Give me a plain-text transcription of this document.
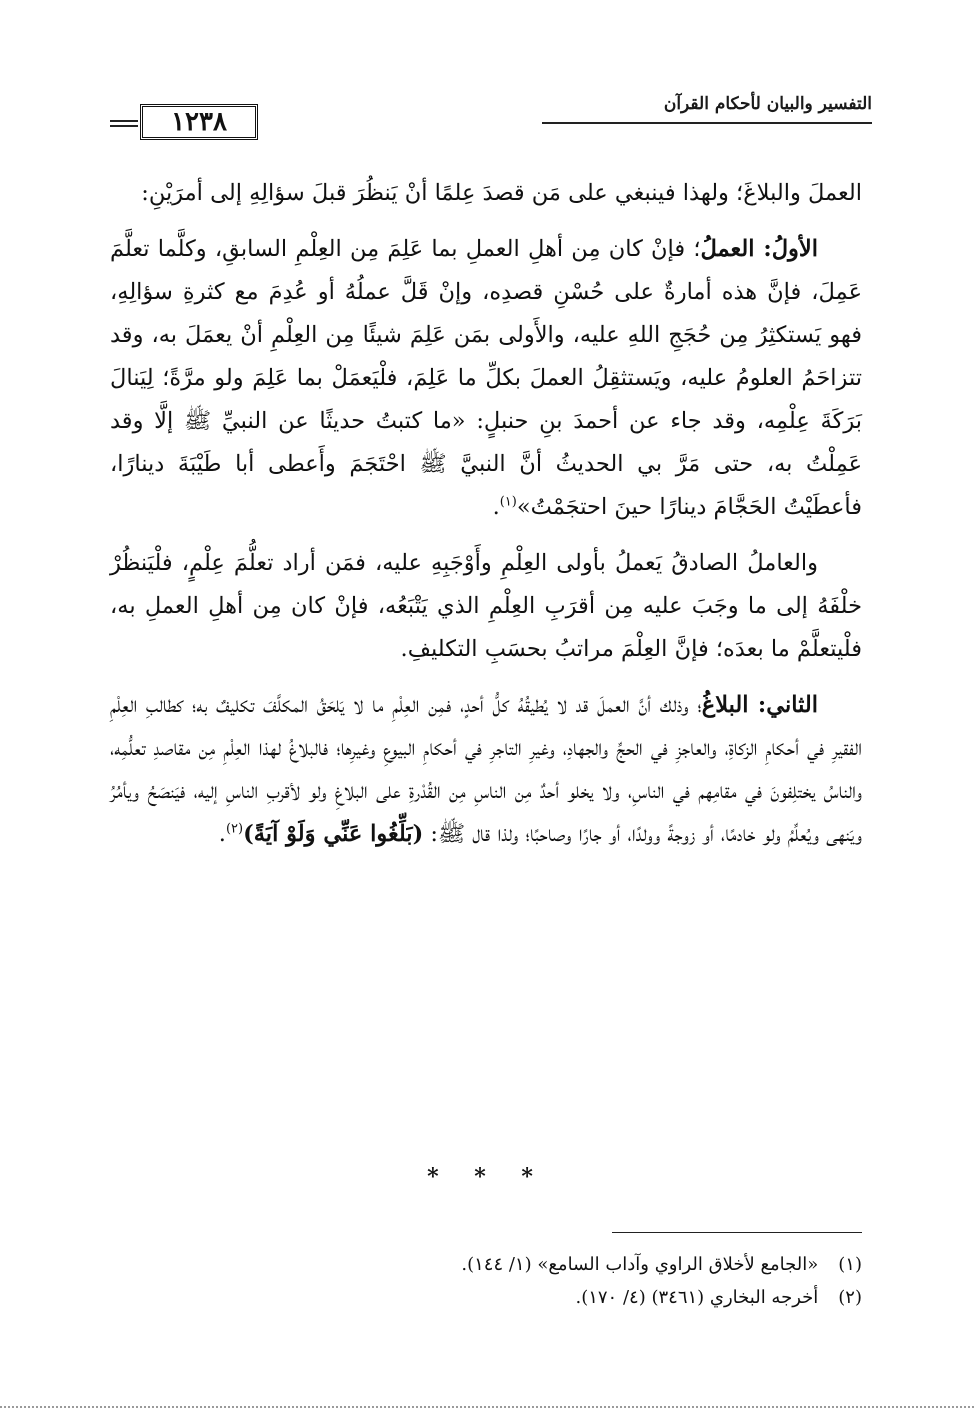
التفسير والبيان لأحكام القرآن
١٢٣٨

العملَ والبلاغَ؛ ولهذا فينبغي على مَن قصدَ عِلمًا أنْ يَنظُرَ قبلَ سؤالِهِ إلى أمرَيْنِ:

الأولُ: العملُ؛ فإنْ كان مِن أهلِ العملِ بما عَلِمَ مِن العِلْمِ السابقِ، وكلَّما تعلَّمَ عَمِلَ، فإنَّ هذه أمارةٌ على حُسْنِ قصدِه، وإنْ قَلَّ عملُهُ أو عُدِمَ مع كثرةِ سؤالِهِ، فهو يَستكثِرُ مِن حُجَجِ اللهِ عليه، والأَولى بمَن عَلِمَ شيئًا مِن العِلْمِ أنْ يعمَلَ به، وقد تتزاحَمُ العلومُ عليه، ويَستثقِلُ العملَ بكلِّ ما عَلِمَ، فلْيَعمَلْ بما عَلِمَ ولو مرَّةً؛ لِيَنالَ بَرَكَةَ عِلْمِه، وقد جاء عن أحمدَ بنِ حنبلٍ: «ما كتبتُ حديثًا عن النبيِّ ﷺ إلَّا وقد عَمِلْتُ به، حتى مَرَّ بي الحديثُ أنَّ النبيَّ ﷺ احْتَجَمَ وأَعطى أبا طَيْبَةَ دينارًا، فأعطَيْتُ الحَجَّامَ دينارًا حينَ احتجَمْتُ»$^{(١)}$.

والعاملُ الصادقُ يَعملُ بأولى العِلْمِ وأَوْجَبِهِ عليه، فمَن أراد تعلُّمَ عِلْمٍ، فلْيَنظُرْ خلْفَهُ إلى ما وجَبَ عليه مِن أقرَبِ العِلْمِ الذي يَتْبَعُه، فإنْ كان مِن أهلِ العملِ به، فلْيتعلَّمْ ما بعدَه؛ فإنَّ العِلْمَ مراتبُ بحسَبِ التكليفِ.

الثاني: البلاغُ؛ وذلك أنَّ العملَ قد لا يُطيقُهُ كلُّ أحدٍ، فمِن العِلْمِ ما لا يَلحَقُ المكلَّفَ تكليفٌ به؛ كطالبِ العِلْمِ الفقيرِ في أحكامِ الزكاةِ، والعاجزِ في الحجِّ والجهادِ، وغيرِ التاجرِ في أحكامِ البيوعِ وغيرِها؛ فالبلاغُ لهذا العِلْمِ مِن مقاصدِ تعلُّمِه، والناسُ يختلِفونَ في مقامِهم في الناسِ، ولا يخلو أحدٌ مِن الناسِ مِن القُدْرةِ على البلاغِ ولو لأقربِ الناسِ إليه، فيَنصَحُ ويأمُرُ ويَنهى ويُعلِّمُ ولو خادمًا، أو زوجةً وولدًا، أو جارًا وصاحبًا؛ ولذا قال ﷺ: (بَلِّغُوا عَنِّي وَلَوْ آيَةً)$^{(٢)}$.

* * *
(١) «الجامع لأخلاق الراوي وآداب السامع» (١/ ١٤٤).
(٢) أخرجه البخاري (٣٤٦١) (٤/ ١٧٠).
